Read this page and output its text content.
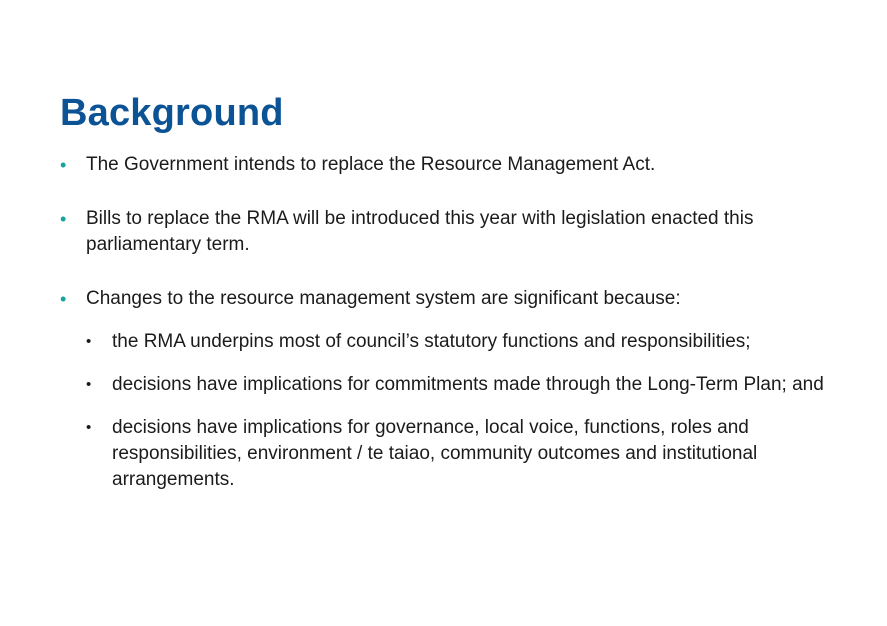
Background
• The Government intends to replace the Resource Management Act.
• Bills to replace the RMA will be introduced this year with legislation enacted this parliamentary term.
• Changes to the resource management system are significant because:
•	the RMA underpins most of council’s statutory functions and responsibilities;
•	decisions have implications for commitments made through the Long-Term Plan; and
•	decisions have implications for governance, local voice, functions, roles and responsibilities, environment / te taiao, community outcomes and institutional arrangements.
